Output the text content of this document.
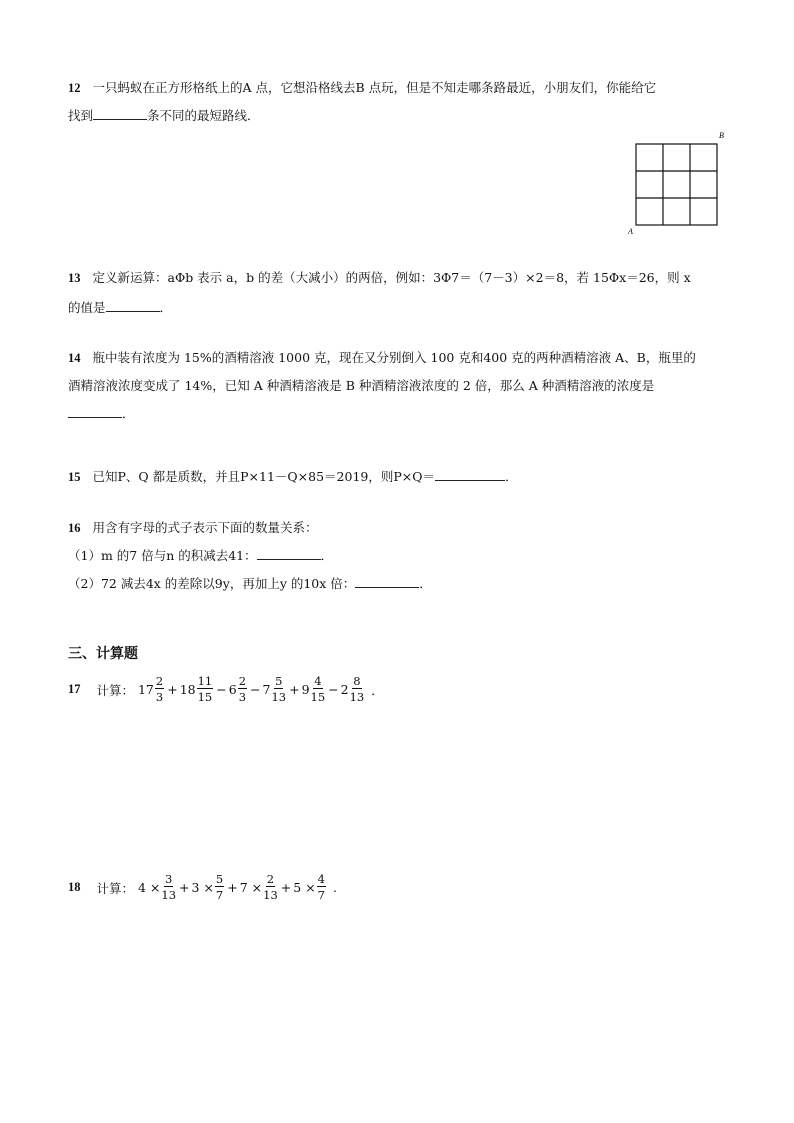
12 一只蚂蚁在正方形格纸上的A 点，它想沿格线去B 点玩，但是不知走哪条路最近，小朋友们，你能给它
找到	条不同的最短路线．
A
B
13 定义新运算：aΦb 表示 a，b 的差（大减小）的两倍，例如：3Φ7＝（7－3）×2＝8，若 15Φx＝26，则 x
的值是	．
14 瓶中装有浓度为 15%的酒精溶液 1000 克，现在又分别倒入 100 克和400 克的两种酒精溶液 A、B，瓶里的
酒精溶液浓度变成了 14%，已知 A 种酒精溶液是 B 种酒精溶液浓度的 2 倍，那么 A 种酒精溶液的浓度是
．
15 已知P、Q 都是质数，并且P×11－Q×85＝2019，则P×Q＝	．
16 用含有字母的式子表示下面的数量关系：
（1）m 的7 倍与n 的积减去41：	．
（2）72 减去4x 的差除以9y，再加上y 的10x 倍：	．
三、计算题
17 计算： $17 \frac{2}{3} + 18 \frac{11}{15} - 6 \frac{2}{3} - 7 \frac{5}{13} + 9 \frac{4}{15} - 2 \frac{8}{13}$ ．
18 计算： $4 \times \frac{3}{13} + 3 \times \frac{5}{7} + 7 \times \frac{2}{13} + 5 \times \frac{4}{7}$ .
